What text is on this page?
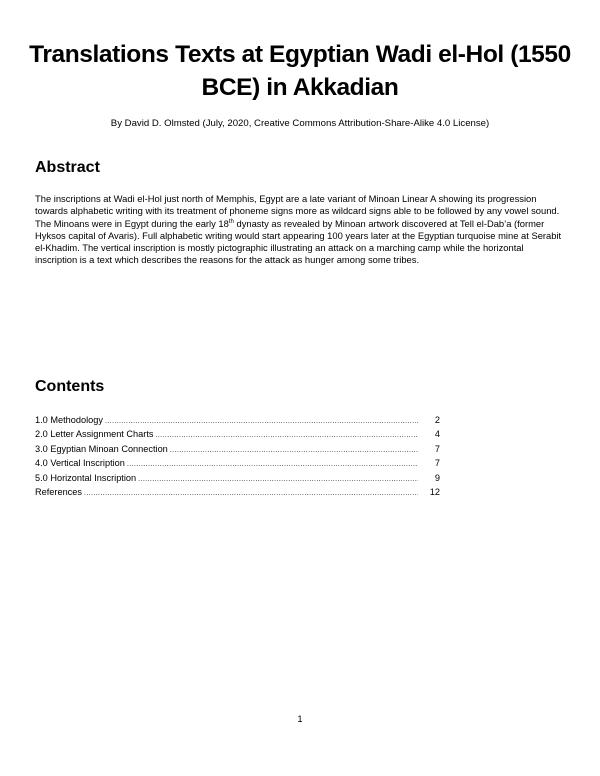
Translations Texts at Egyptian Wadi el-Hol (1550 BCE) in Akkadian
By David D. Olmsted (July, 2020, Creative Commons Attribution-Share-Alike 4.0 License)
Abstract
The inscriptions at Wadi el-Hol just north of Memphis, Egypt are a late variant of Minoan Linear A showing its progression towards alphabetic writing with its treatment of phoneme signs more as wildcard signs able to be followed by any vowel sound. The Minoans were in Egypt during the early 18th dynasty as revealed by Minoan artwork discovered at Tell el-Dab’a (former Hyksos capital of Avaris). Full alphabetic writing would start appearing 100 years later at the Egyptian turquoise mine at Serabit el-Khadim. The vertical inscription is mostly pictographic illustrating an attack on a marching camp while the horizontal inscription is a text which describes the reasons for the attack as hunger among some tribes.
Contents
1.0 Methodology .....	2
2.0 Letter Assignment Charts .....	4
3.0 Egyptian Minoan Connection .....	7
4.0 Vertical Inscription .....	7
5.0 Horizontal Inscription .....	9
References .....	12
1
